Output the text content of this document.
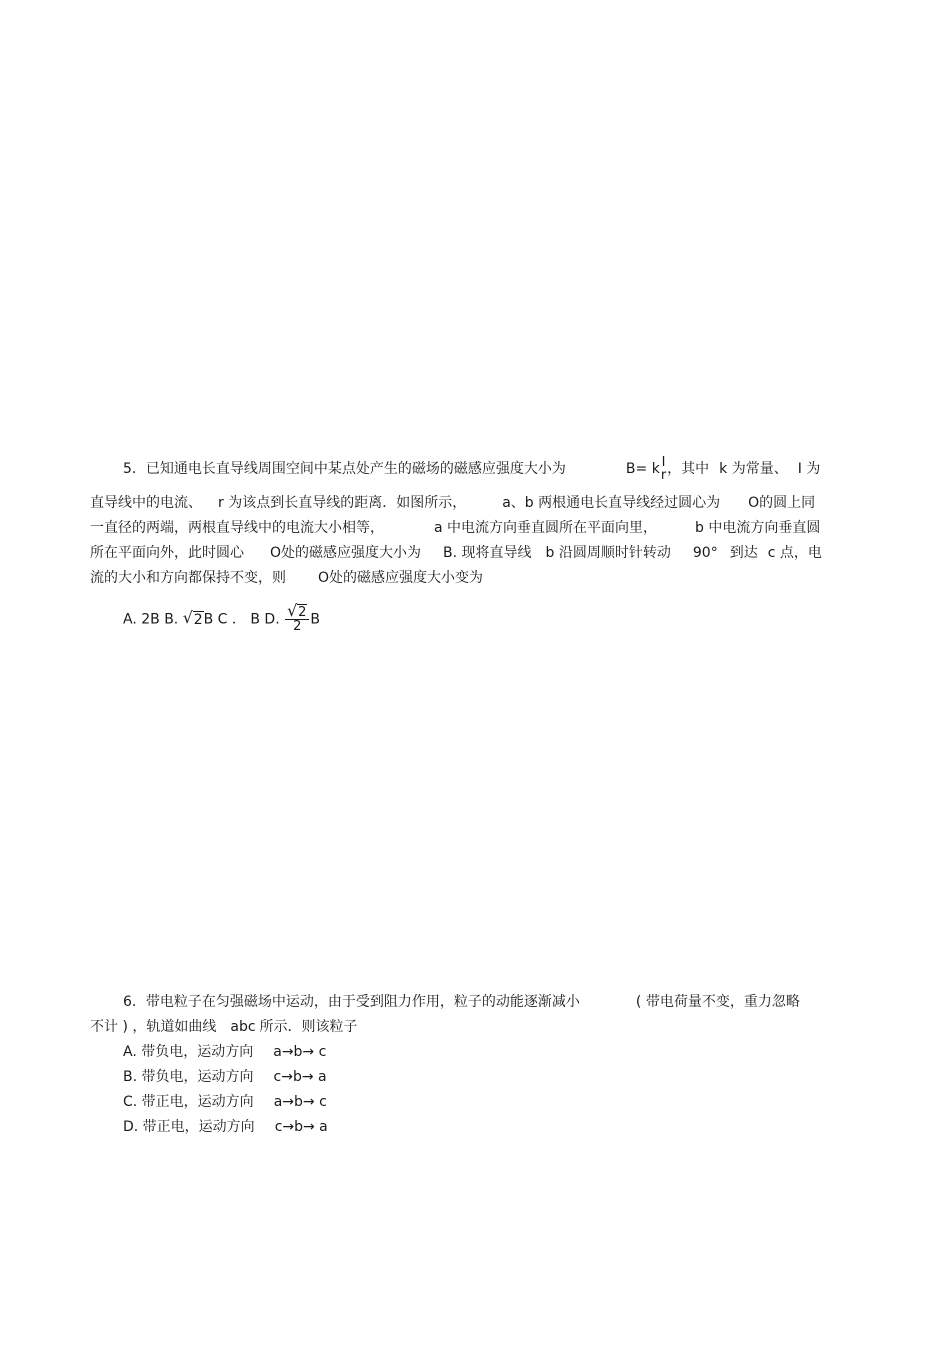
5．已知通电长直导线周围空间中某点处产生的磁场的磁感应强度大小为	B= k I
r ，其中 k 为常量、 I 为
直导线中的电流、 r 为该点到长直导线的距离．如图所示，	a、b 两根通电长直导线经过圆心为 O的圆上同
一直径的两端，两根直导线中的电流大小相等，	a 中电流方向垂直圆所在平面向里，	b 中电流方向垂直圆
所在平面向外，此时圆心 O处的磁感应强度大小为 B. 现将直导线 b 沿圆周顺时针转动 90° 到达 c 点，电
流的大小和方向都保持不变，则 O处的磁感应强度大小变为
A. 2B B. √ 2B C ． B D. $\frac{√ 2}{2}$ B
6．带电粒子在匀强磁场中运动，由于受到阻力作用，粒子的动能逐渐减小	( 带电荷量不变，重力忽略
不计 ) ，轨道如曲线 abc 所示．则该粒子
A. 带负电，运动方向 a→b→ c
B. 带负电，运动方向 c→b→ a
C. 带正电，运动方向 a→b→ c
D. 带正电，运动方向 c→b→ a
